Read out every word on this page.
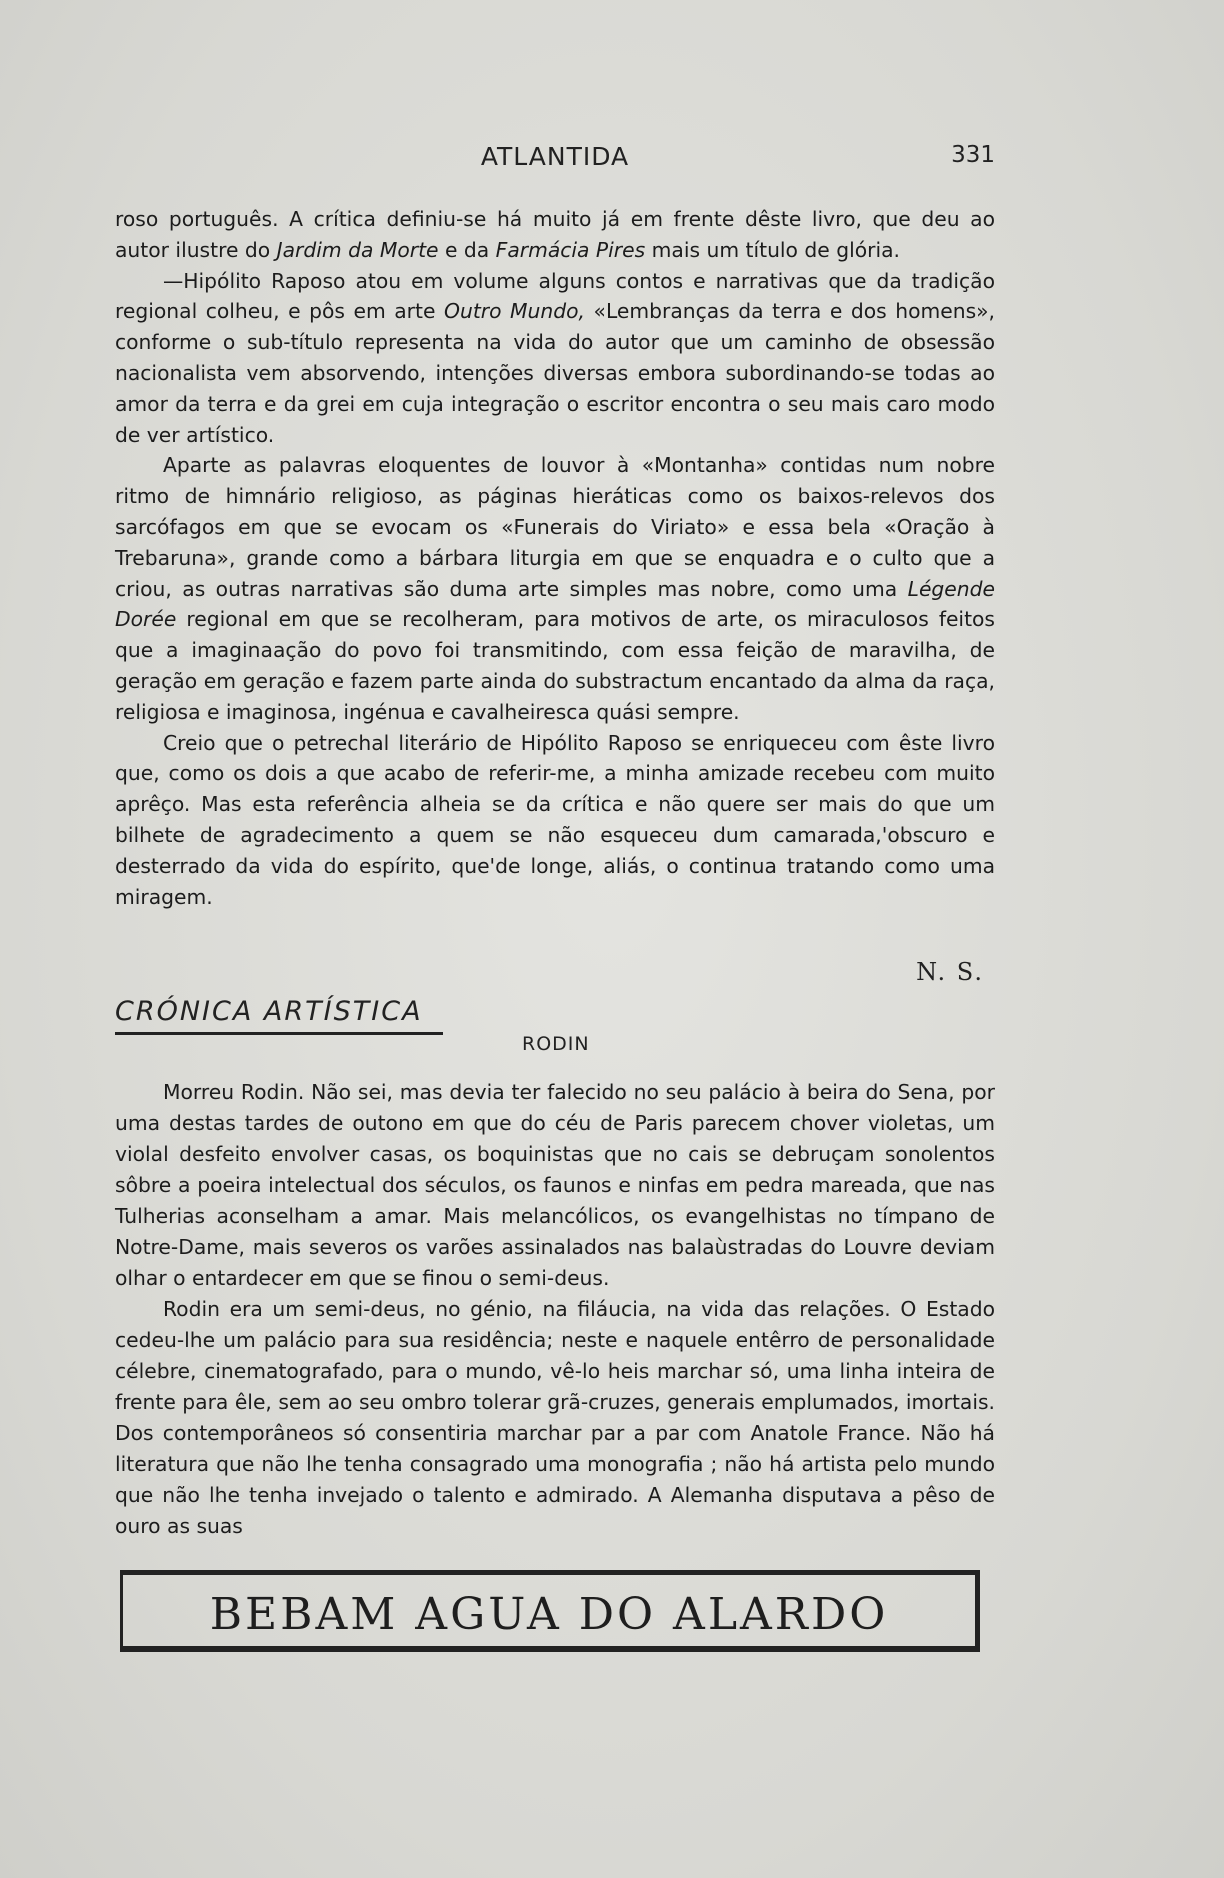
ATLANTIDA	331

roso português. A crítica definiu-se há muito já em frente dêste livro, que deu ao autor ilustre do Jardim da Morte e da Farmácia Pires mais um título de glória.

—Hipólito Raposo atou em volume alguns contos e narrativas que da tradição regional colheu, e pôs em arte Outro Mundo, «Lembranças da terra e dos homens», conforme o sub-título representa na vida do autor que um caminho de obsessão nacionalista vem absorvendo, intenções diversas embora subordinando-se todas ao amor da terra e da grei em cuja integração o escritor encontra o seu mais caro modo de ver artístico.

Aparte as palavras eloquentes de louvor à «Montanha» contidas num nobre ritmo de himnário religioso, as páginas hieráticas como os baixos-relevos dos sarcófagos em que se evocam os «Funerais do Viriato» e essa bela «Oração à Trebaruna», grande como a bárbara liturgia em que se enquadra e o culto que a criou, as outras narrativas são duma arte simples mas nobre, como uma Légende Dorée regional em que se recolheram, para motivos de arte, os miraculosos feitos que a imaginaação do povo foi transmitindo, com essa feição de maravilha, de geração em geração e fazem parte ainda do substractum encantado da alma da raça, religiosa e imaginosa, ingénua e cavalheiresca quási sempre.

Creio que o petrechal literário de Hipólito Raposo se enriqueceu com êste livro que, como os dois a que acabo de referir-me, a minha amizade recebeu com muito aprêço. Mas esta referência alheia se da crítica e não quere ser mais do que um bilhete de agradecimento a quem se não esqueceu dum camarada,'obscuro e desterrado da vida do espírito, que'de longe, aliás, o continua tratando como uma miragem.

N. S.
CRÓNICA ARTÍSTICA
RODIN

Morreu Rodin. Não sei, mas devia ter falecido no seu palácio à beira do Sena, por uma destas tardes de outono em que do céu de Paris parecem chover violetas, um violal desfeito envolver casas, os boquinistas que no cais se debruçam sonolentos sôbre a poeira intelectual dos séculos, os faunos e ninfas em pedra mareada, que nas Tulherias aconselham a amar. Mais melancólicos, os evangelhistas no tímpano de Notre-Dame, mais severos os varões assinalados nas balaùstradas do Louvre deviam olhar o entardecer em que se finou o semi-deus.

Rodin era um semi-deus, no génio, na filáucia, na vida das relações. O Estado cedeu-lhe um palácio para sua residência; neste e naquele entêrro de personalidade célebre, cinematografado, para o mundo, vê-lo heis marchar só, uma linha inteira de frente para êle, sem ao seu ombro tolerar grã-cruzes, generais emplumados, imortais. Dos contemporâneos só consentiria marchar par a par com Anatole France. Não há literatura que não lhe tenha consagrado uma monografia ; não há artista pelo mundo que não lhe tenha invejado o talento e admirado. A Alemanha disputava a pêso de ouro as suas

BEBAM AGUA DO ALARDO
